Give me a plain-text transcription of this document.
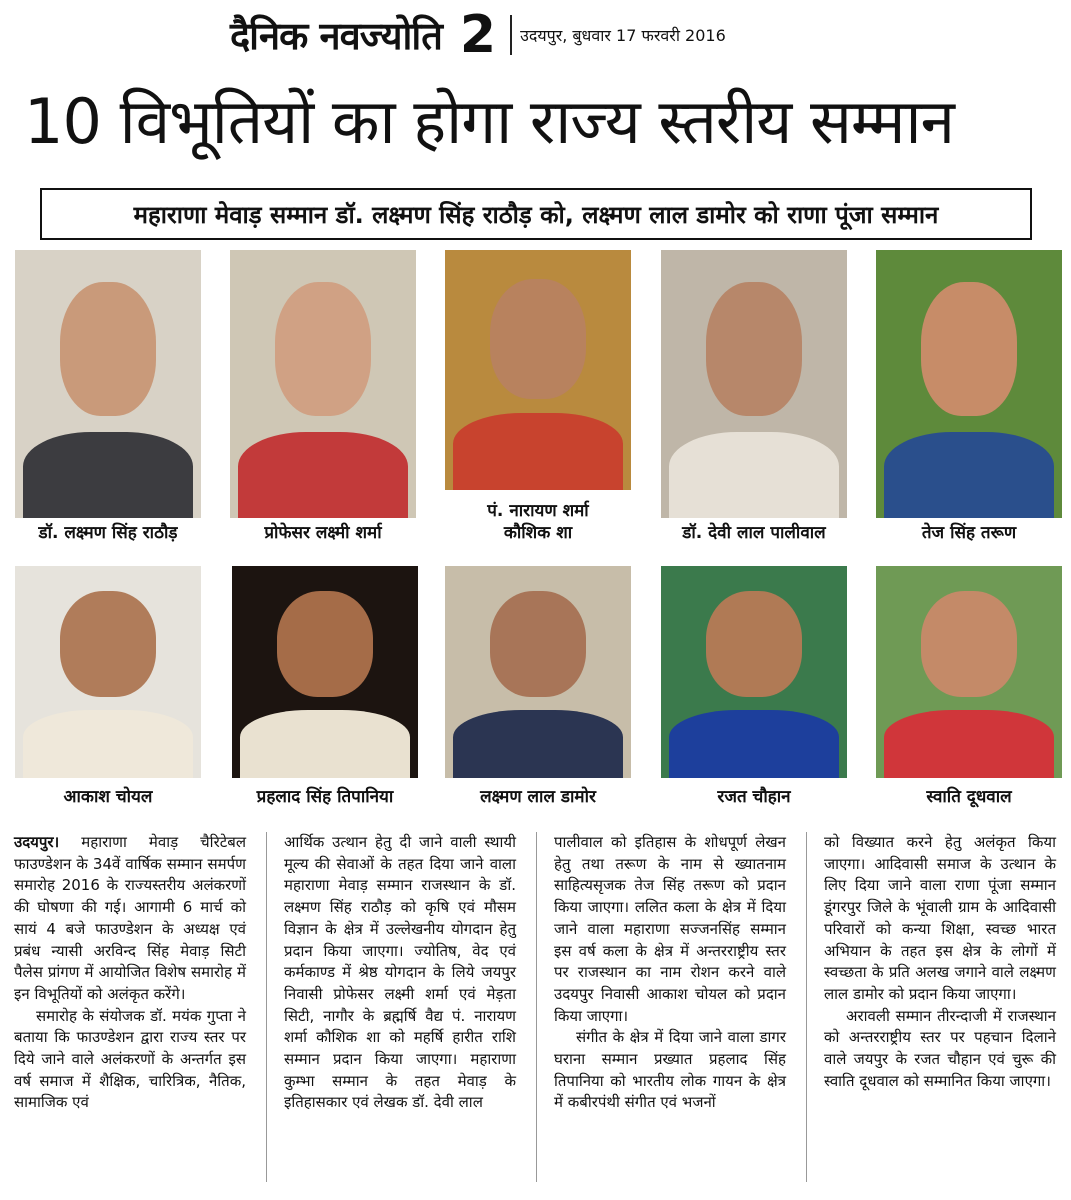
दैनिक नवज्योति 2 उदयपुर, बुधवार 17 फरवरी 2016
10 विभूतियों का होगा राज्य स्तरीय सम्मान
महाराणा मेवाड़ सम्मान डॉ. लक्ष्मण सिंह राठौड़ को, लक्ष्मण लाल डामोर को राणा पूंजा सम्मान
डॉ. लक्ष्मण सिंह राठौड़	प्रोफेसर लक्ष्मी शर्मा
पं. नारायण शर्मा
कौशिक शा	डॉ. देवी लाल पालीवाल	तेज सिंह तरूण
आकाश चोयल	प्रहलाद सिंह तिपानिया	लक्ष्मण लाल डामोर	रजत चौहान	स्वाति दूधवाल

उदयपुर। महाराणा मेवाड़ चैरिटेबल फाउण्डेशन के 34वें वार्षिक सम्मान समर्पण समारोह 2016 के राज्यस्तरीय अलंकरणों की घोषणा की गई। आगामी 6 मार्च को सायं 4 बजे फाउण्डेशन के अध्यक्ष एवं प्रबंध न्यासी अरविन्द सिंह मेवाड़ सिटी पैलेस प्रांगण में आयोजित विशेष समारोह में इन विभूतियों को अलंकृत करेंगे।

समारोह के संयोजक डॉ. मयंक गुप्ता ने बताया कि फाउण्डेशन द्वारा राज्य स्तर पर दिये जाने वाले अलंकरणों के अन्तर्गत इस वर्ष समाज में शैक्षिक, चारित्रिक, नैतिक, सामाजिक एवं

आर्थिक उत्थान हेतु दी जाने वाली स्थायी मूल्य की सेवाओं के तहत दिया जाने वाला महाराणा मेवाड़ सम्मान राजस्थान के डॉ. लक्ष्मण सिंह राठौड़ को कृषि एवं मौसम विज्ञान के क्षेत्र में उल्लेखनीय योगदान हेतु प्रदान किया जाएगा। ज्योतिष, वेद एवं कर्मकाण्ड में श्रेष्ठ योगदान के लिये जयपुर निवासी प्रोफेसर लक्ष्मी शर्मा एवं मेड़ता सिटी, नागौर के ब्रह्मर्षि वैद्य पं. नारायण शर्मा कौशिक शा को महर्षि हारीत राशि सम्मान प्रदान किया जाएगा। महाराणा कुम्भा सम्मान के तहत मेवाड़ के इतिहासकार एवं लेखक डॉ. देवी लाल

पालीवाल को इतिहास के शोधपूर्ण लेखन हेतु तथा तरूण के नाम से ख्यातनाम साहित्यसृजक तेज सिंह तरूण को प्रदान किया जाएगा। ललित कला के क्षेत्र में दिया जाने वाला महाराणा सज्जनसिंह सम्मान इस वर्ष कला के क्षेत्र में अन्तरराष्ट्रीय स्तर पर राजस्थान का नाम रोशन करने वाले उदयपुर निवासी आकाश चोयल को प्रदान किया जाएगा।

संगीत के क्षेत्र में दिया जाने वाला डागर घराना सम्मान प्रख्यात प्रहलाद सिंह तिपानिया को भारतीय लोक गायन के क्षेत्र में कबीरपंथी संगीत एवं भजनों

को विख्यात करने हेतु अलंकृत किया जाएगा। आदिवासी समाज के उत्थान के लिए दिया जाने वाला राणा पूंजा सम्मान डूंगरपुर जिले के भूंवाली ग्राम के आदिवासी परिवारों को कन्या शिक्षा, स्वच्छ भारत अभियान के तहत इस क्षेत्र के लोगों में स्वच्छता के प्रति अलख जगाने वाले लक्ष्मण लाल डामोर को प्रदान किया जाएगा।

अरावली सम्मान तीरन्दाजी में राजस्थान को अन्तरराष्ट्रीय स्तर पर पहचान दिलाने वाले जयपुर के रजत चौहान एवं चुरू की स्वाति दूधवाल को सम्मानित किया जाएगा।
